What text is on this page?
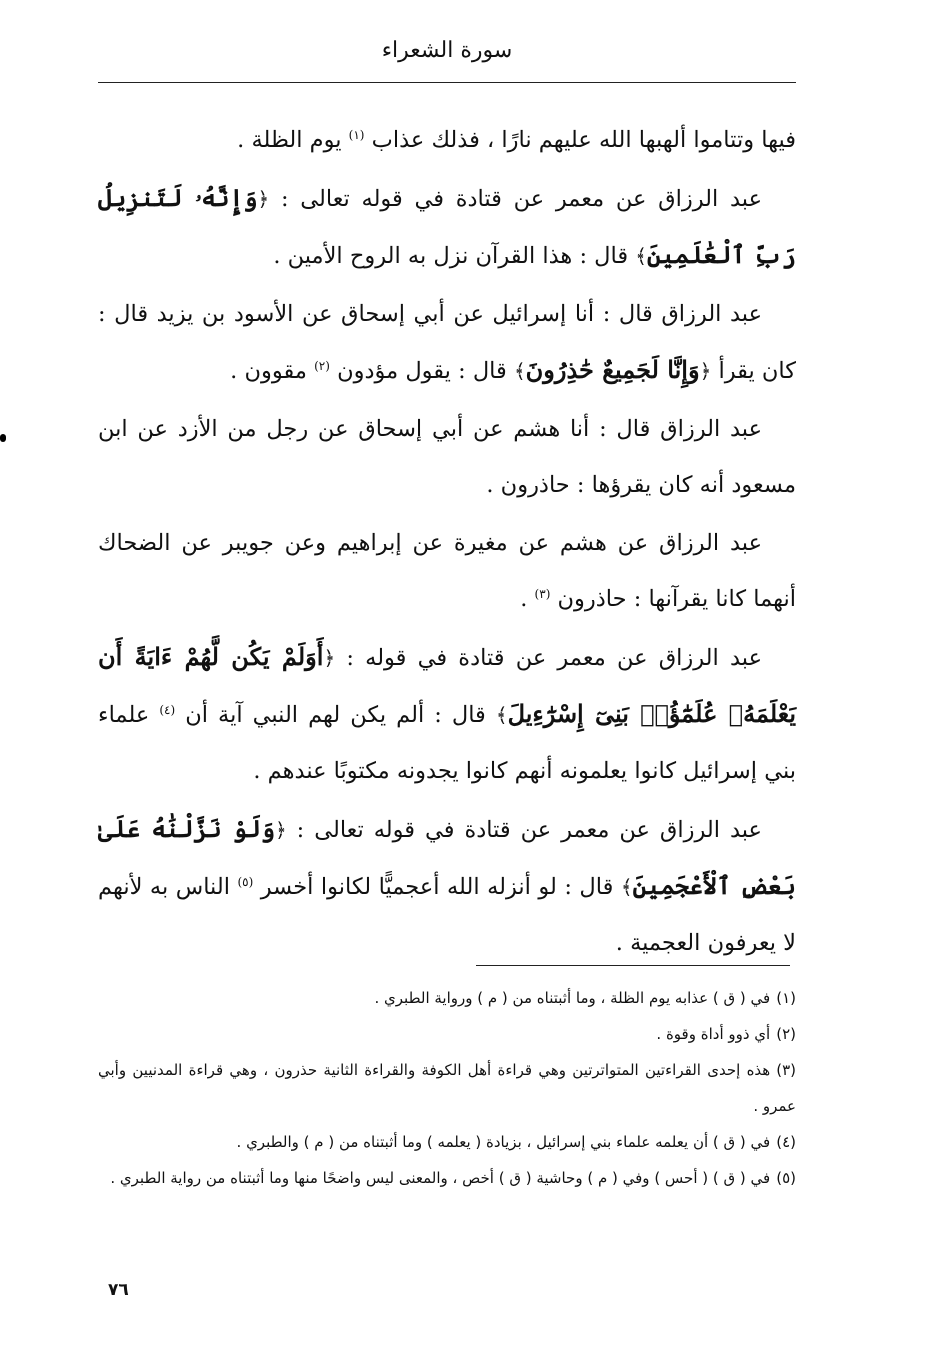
سورة الشعراء

فيها وتتاموا ألهبها الله عليهم نارًا ، فذلك عذاب $^{(١)}$ يوم الظلة .

عبد الرزاق عن معمر عن قتادة في قوله تعالى : ﴿وَإِنَّهُۥ لَتَنزِيلُ رَبِّ ٱلْعَٰلَمِينَ﴾ قال : هذا القرآن نزل به الروح الأمين .

عبد الرزاق قال : أنا إسرائيل عن أبي إسحاق عن الأسود بن يزيد قال : كان يقرأ ﴿وَإِنَّا لَجَمِيعٌ حَٰذِرُونَ﴾ قال : يقول مؤدون $^{(٢)}$ مقوون .

عبد الرزاق قال : أنا هشم عن أبي إسحاق عن رجل من الأزد عن ابن مسعود أنه كان يقرؤها : حاذرون .

عبد الرزاق عن هشم عن مغيرة عن إبراهيم وعن جويبر عن الضحاك أنهما كانا يقرآنها : حاذرون $^{(٣)}$ .

عبد الرزاق عن معمر عن قتادة في قوله : ﴿أَوَلَمْ يَكُن لَّهُمْ ءَايَةً أَن يَعْلَمَهُۥ عُلَمَٰٓؤُا۟ بَنِىٓ إِسْرَٰٓءِيلَ﴾ قال : ألم يكن لهم النبي آية أن $^{(٤)}$ علماء بني إسرائيل كانوا يعلمونه أنهم كانوا يجدونه مكتوبًا عندهم .

عبد الرزاق عن معمر عن قتادة في قوله تعالى : ﴿وَلَوْ نَزَّلْنَٰهُ عَلَىٰ بَعْضِ ٱلْأَعْجَمِينَ﴾ قال : لو أنزله الله أعجميًّا لكانوا أخسر $^{(٥)}$ الناس به لأنهم لا يعرفون العجمية .

(١)في ( ق ) عذابه يوم الظلة ، وما أثبتناه من ( م ) ورواية الطبري .

(٢)أي ذوو أداة وقوة .

(٣)هذه إحدى القراءتين المتواترتين وهي قراءة أهل الكوفة والقراءة الثانية حذرون ، وهي قراءة المدنيين وأبي عمرو .

(٤)في ( ق ) أن يعلمه علماء بني إسرائيل ، بزيادة ( يعلمه ) وما أثبتناه من ( م ) والطبري .

(٥)في ( ق ) ( أحس ) وفي ( م ) وحاشية ( ق ) أخص ، والمعنى ليس واضحًا منها وما أثبتناه من رواية الطبري .

٧٦
